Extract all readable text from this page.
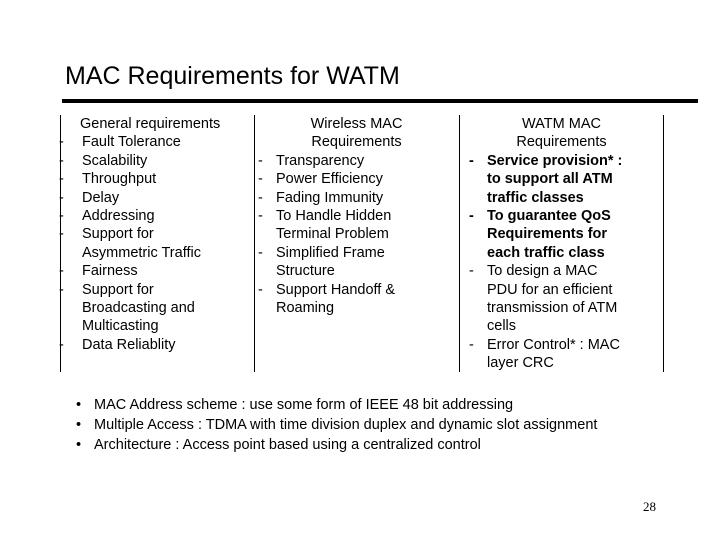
MAC Requirements for WATM
General requirements
- Fault Tolerance
- Scalability
- Throughput
- Delay
- Addressing
- Support for
Asymmetric Traffic
- Fairness
- Support for
Broadcasting and
Multicasting
- Data Reliablity
Wireless MAC
Requirements
- Transparency
- Power Efficiency
- Fading Immunity
- To Handle Hidden
Terminal Problem
- Simplified Frame
Structure
- Support Handoff &
Roaming
WATM MAC
Requirements
- Service provision* :
to support all ATM
traffic classes
- To guarantee QoS
Requirements for
each traffic class
- To design a MAC
PDU for an efficient
transmission of ATM
cells
- Error Control* : MAC
layer CRC
• MAC Address scheme : use some form of IEEE 48 bit addressing
• Multiple Access : TDMA with time division duplex and dynamic slot assignment
• Architecture : Access point based using a centralized control
28
